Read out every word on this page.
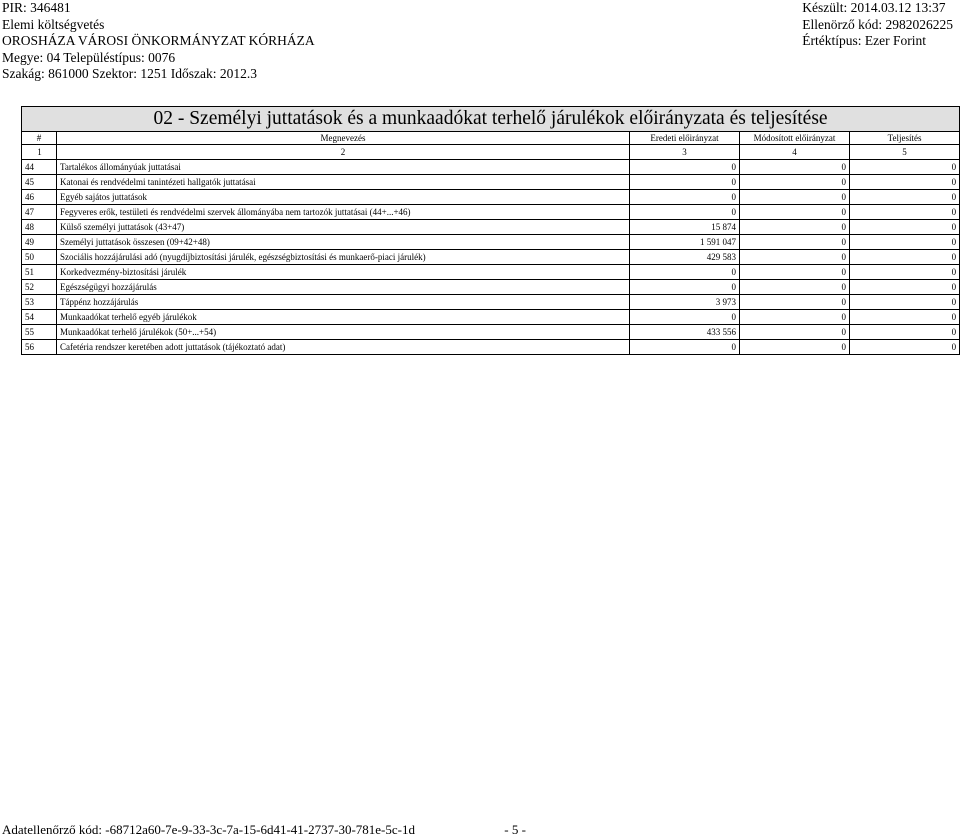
PIR: 346481
Elemi költségvetés
OROSHÁZA VÁROSI ÖNKORMÁNYZAT KÓRHÁZA
Megye: 04 Településtípus: 0076
Szakág: 861000 Szektor: 1251 Időszak: 2012.3
Készült: 2014.03.12 13:37
Ellenörző kód: 2982026225
Értéktípus: Ezer Forint
02 - Személyi juttatások és a munkaadókat terhelő járulékok előirányzata és teljesítése				
#	Megnevezés	Eredeti előirányzat	Módosított előirányzat	Teljesítés
1	2	3	4	5
44	Tartalékos állományúak juttatásai	0	0	0
45	Katonai és rendvédelmi tanintézeti hallgatók juttatásai	0	0	0
46	Egyéb sajátos juttatások	0	0	0
47	Fegyveres erők, testületi és rendvédelmi szervek állományába nem tartozók juttatásai (44+...+46)	0	0	0
48	Külső személyi juttatások (43+47)	15 874	0	0
49	Személyi juttatások összesen (09+42+48)	1 591 047	0	0
50	Szociális hozzájárulási adó (nyugdíjbiztosítási járulék, egészségbiztosítási és munkaerő-piaci járulék)	429 583	0	0
51	Korkedvezmény-biztosítási járulék	0	0	0
52	Egészségügyi hozzájárulás	0	0	0
53	Táppénz hozzájárulás	3 973	0	0
54	Munkaadókat terhelő egyéb járulékok	0	0	0
55	Munkaadókat terhelő járulékok (50+...+54)	433 556	0	0
56	Cafetéria rendszer keretében adott juttatások (tájékoztató adat)	0	0	0
Adatellenőrző kód: -68712a60-7e-9-33-3c-7a-15-6d41-41-2737-30-781e-5c-1d	- 5 -
